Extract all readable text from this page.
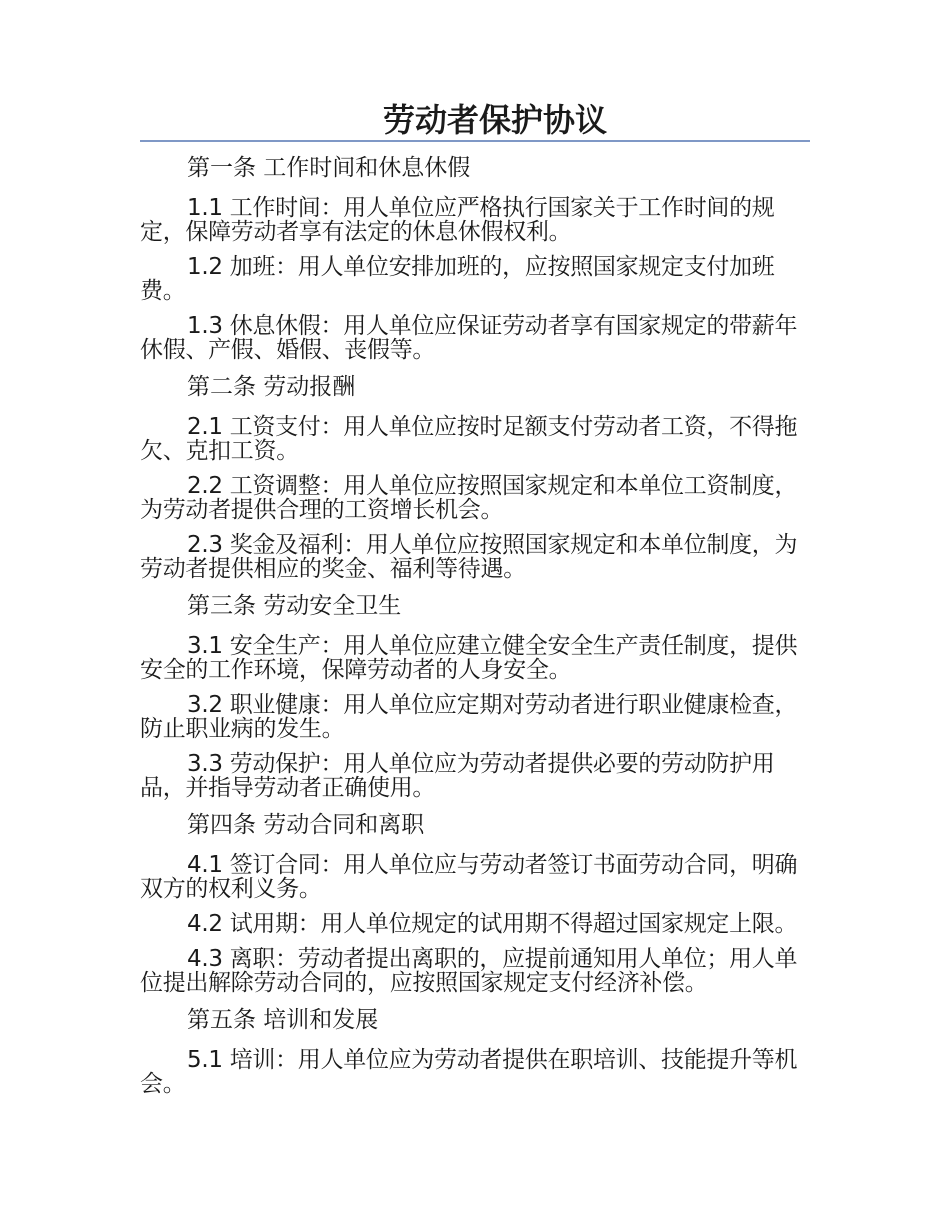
劳动者保护协议
第一条 工作时间和休息休假

1.1 工作时间：用人单位应严格执行国家关于工作时间的规定，保障劳动者享有法定的休息休假权利。

1.2 加班：用人单位安排加班的，应按照国家规定支付加班费。

1.3 休息休假：用人单位应保证劳动者享有国家规定的带薪年休假、产假、婚假、丧假等。

第二条 劳动报酬

2.1 工资支付：用人单位应按时足额支付劳动者工资，不得拖欠、克扣工资。

2.2 工资调整：用人单位应按照国家规定和本单位工资制度，为劳动者提供合理的工资增长机会。

2.3 奖金及福利：用人单位应按照国家规定和本单位制度，为劳动者提供相应的奖金、福利等待遇。

第三条 劳动安全卫生

3.1 安全生产：用人单位应建立健全安全生产责任制度，提供安全的工作环境，保障劳动者的人身安全。

3.2 职业健康：用人单位应定期对劳动者进行职业健康检查，防止职业病的发生。

3.3 劳动保护：用人单位应为劳动者提供必要的劳动防护用品，并指导劳动者正确使用。

第四条 劳动合同和离职

4.1 签订合同：用人单位应与劳动者签订书面劳动合同，明确双方的权利义务。

4.2 试用期：用人单位规定的试用期不得超过国家规定上限。

4.3 离职：劳动者提出离职的，应提前通知用人单位；用人单位提出解除劳动合同的，应按照国家规定支付经济补偿。

第五条 培训和发展

5.1 培训：用人单位应为劳动者提供在职培训、技能提升等机会。
